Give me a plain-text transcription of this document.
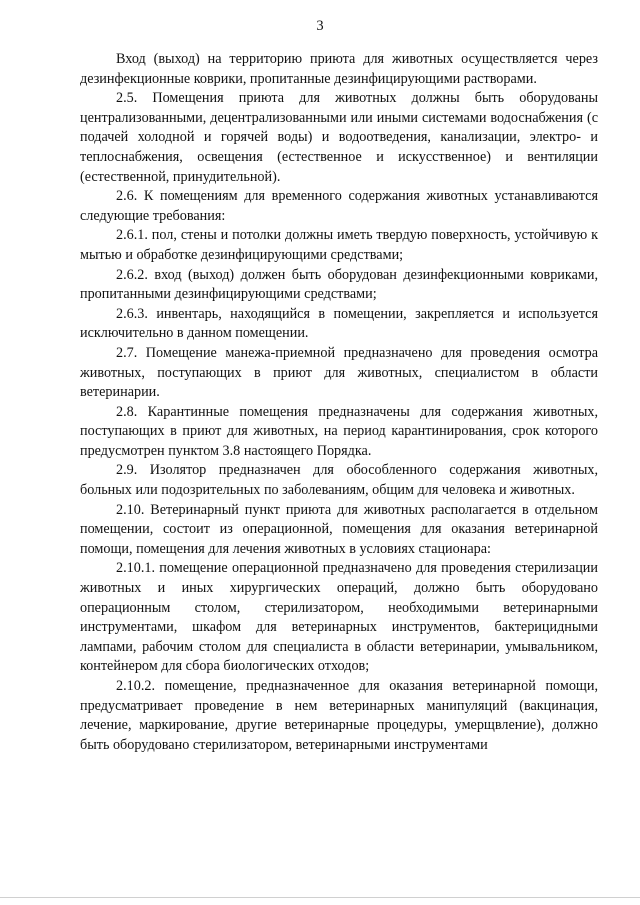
3

Вход (выход) на территорию приюта для животных осуществляется через дезинфекционные коврики, пропитанные дезинфицирующими растворами.

2.5. Помещения приюта для животных должны быть оборудованы централизованными, децентрализованными или иными системами водоснабжения (с подачей холодной и горячей воды) и водоотведения, канализации, электро- и теплоснабжения, освещения (естественное и искусственное) и вентиляции (естественной, принудительной).

2.6. К помещениям для временного содержания животных устанавливаются следующие требования:

2.6.1. пол, стены и потолки должны иметь твердую поверхность, устойчивую к мытью и обработке дезинфицирующими средствами;

2.6.2. вход (выход) должен быть оборудован дезинфекционными ковриками, пропитанными дезинфицирующими средствами;

2.6.3. инвентарь, находящийся в помещении, закрепляется и используется исключительно в данном помещении.

2.7. Помещение манежа-приемной предназначено для проведения осмотра животных, поступающих в приют для животных, специалистом в области ветеринарии.

2.8. Карантинные помещения предназначены для содержания животных, поступающих в приют для животных, на период карантинирования, срок которого предусмотрен пунктом 3.8 настоящего Порядка.

2.9. Изолятор предназначен для обособленного содержания животных, больных или подозрительных по заболеваниям, общим для человека и животных.

2.10. Ветеринарный пункт приюта для животных располагается в отдельном помещении, состоит из операционной, помещения для оказания ветеринарной помощи, помещения для лечения животных в условиях стационара:

2.10.1. помещение операционной предназначено для проведения стерилизации животных и иных хирургических операций, должно быть оборудовано операционным столом, стерилизатором, необходимыми ветеринарными инструментами, шкафом для ветеринарных инструментов, бактерицидными лампами, рабочим столом для специалиста в области ветеринарии, умывальником, контейнером для сбора биологических отходов;

2.10.2. помещение, предназначенное для оказания ветеринарной помощи, предусматривает проведение в нем ветеринарных манипуляций (вакцинация, лечение, маркирование, другие ветеринарные процедуры, умерщвление), должно быть оборудовано стерилизатором, ветеринарными инструментами
